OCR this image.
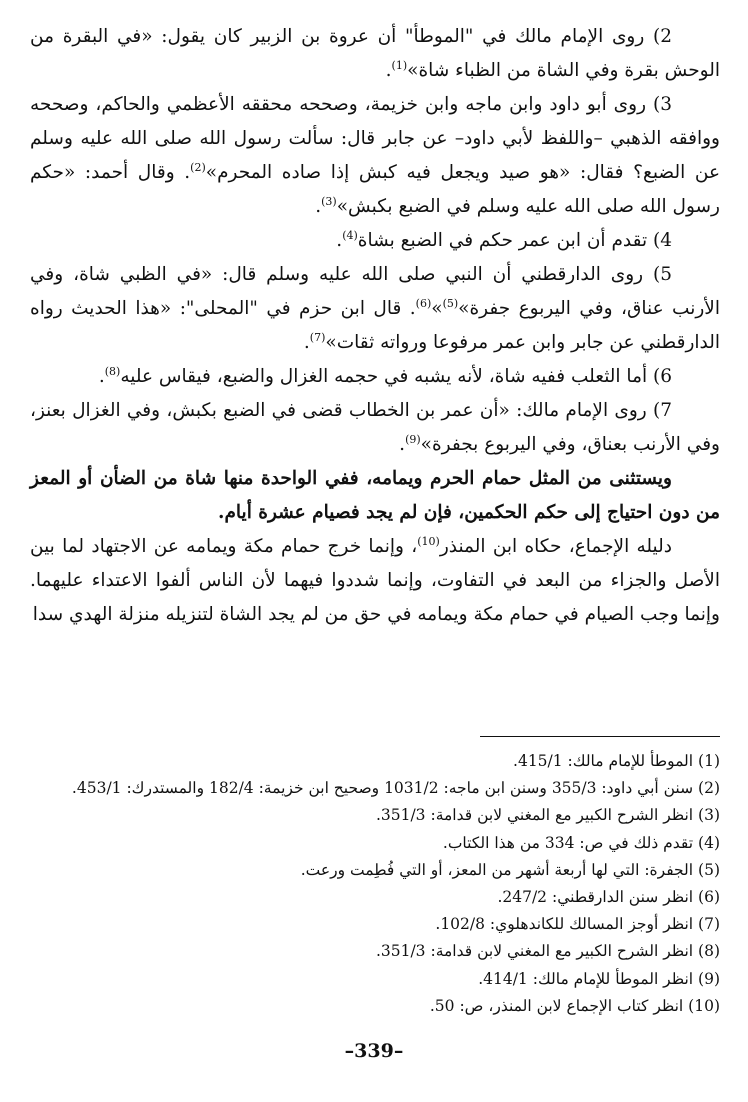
2) روى الإمام مالك في "الموطأ" أن عروة بن الزبير كان يقول: «في البقرة من الوحش بقرة وفي الشاة من الظباء شاة»$^{(1)}$.

3) روى أبو داود وابن ماجه وابن خزيمة، وصححه محققه الأعظمي والحاكم، وصححه ووافقه الذهبي –واللفظ لأبي داود– عن جابر قال: سألت رسول الله صلى الله عليه وسلم عن الضبع؟ فقال: «هو صيد ويجعل فيه كبش إذا صاده المحرم»$^{(2)}$. وقال أحمد: «حكم رسول الله صلى الله عليه وسلم في الضبع بكبش»$^{(3)}$.

4) تقدم أن ابن عمر حكم في الضبع بشاة$^{(4)}$.

5) روى الدارقطني أن النبي صلى الله عليه وسلم قال: «في الظبي شاة، وفي الأرنب عناق، وفي اليربوع جفرة»$^{(5)}$»$^{(6)}$. قال ابن حزم في "المحلى": «هذا الحديث رواه الدارقطني عن جابر وابن عمر مرفوعا ورواته ثقات»$^{(7)}$.

6) أما الثعلب ففيه شاة، لأنه يشبه في حجمه الغزال والضبع، فيقاس عليه$^{(8)}$.

7) روى الإمام مالك: «أن عمر بن الخطاب قضى في الضبع بكبش، وفي الغزال بعنز، وفي الأرنب بعناق، وفي اليربوع بجفرة»$^{(9)}$.

ويستثنى من المثل حمام الحرم ويمامه، ففي الواحدة منها شاة من الضأن أو المعز من دون احتياج إلى حكم الحكمين، فإن لم يجد فصيام عشرة أيام.

دليله الإجماع، حكاه ابن المنذر$^{(10)}$، وإنما خرج حمام مكة ويمامه عن الاجتهاد لما بين الأصل والجزاء من البعد في التفاوت، وإنما شددوا فيهما لأن الناس ألفوا الاعتداء عليهما. وإنما وجب الصيام في حمام مكة ويمامه في حق من لم يجد الشاة لتنزيله منزلة الهدي سدا

(1) الموطأ للإمام مالك: 415/1.

(2) سنن أبي داود: 355/3 وسنن ابن ماجه: 1031/2 وصحيح ابن خزيمة: 182/4 والمستدرك: 453/1.

(3) انظر الشرح الكبير مع المغني لابن قدامة: 351/3.

(4) تقدم ذلك في ص: 334 من هذا الكتاب.

(5) الجفرة: التي لها أربعة أشهر من المعز، أو التي فُطِمت ورعت.

(6) انظر سنن الدارقطني: 247/2.

(7) انظر أوجز المسالك للكاندهلوي: 102/8.

(8) انظر الشرح الكبير مع المغني لابن قدامة: 351/3.

(9) انظر الموطأ للإمام مالك: 414/1.

(10) انظر كتاب الإجماع لابن المنذر، ص: 50.

–339–
